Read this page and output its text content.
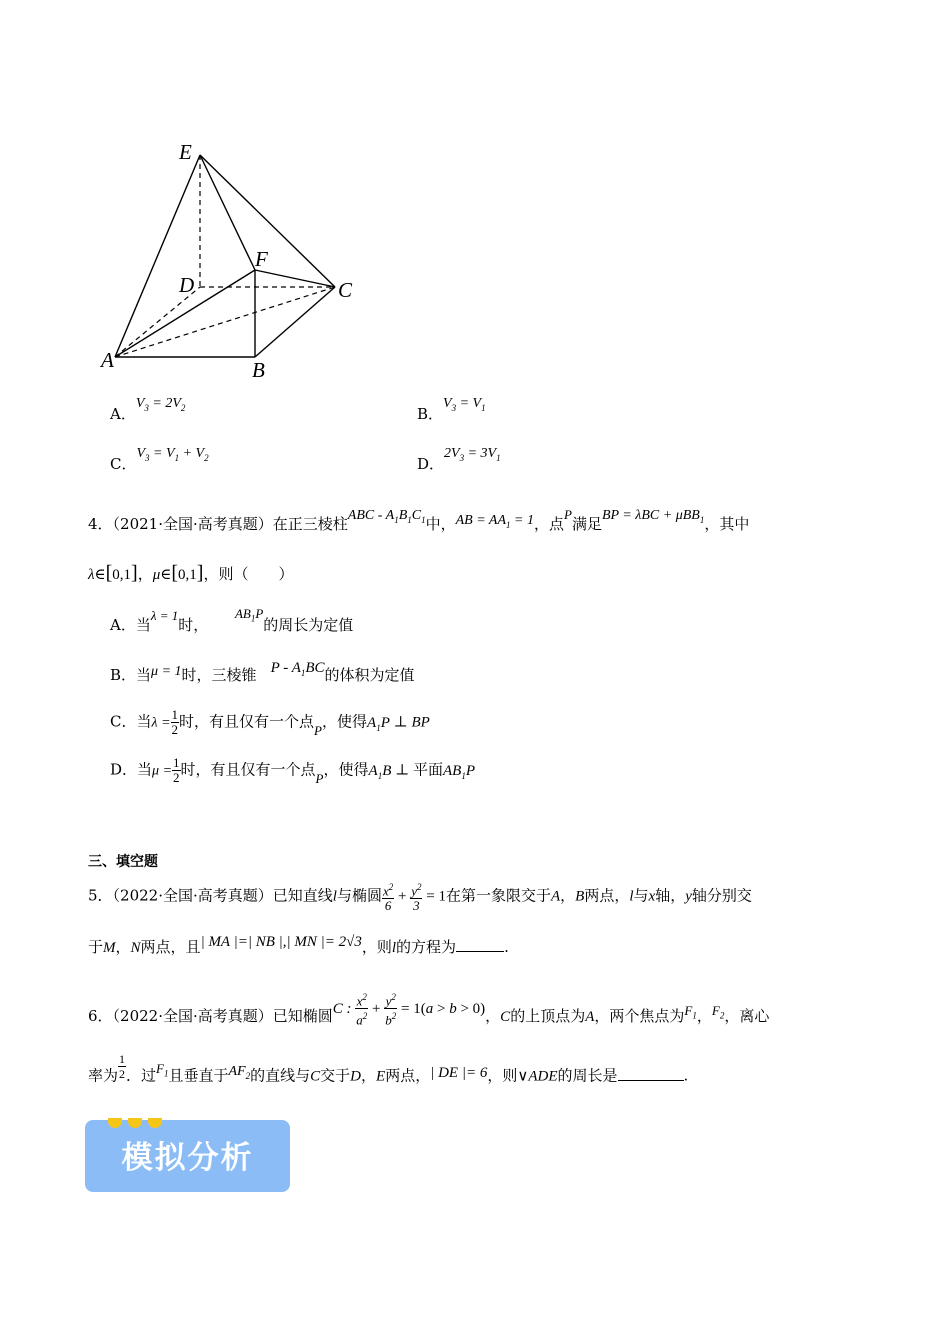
E
D
F
C
A	B
A．$V_3 = 2V_2$	B．$V_3 = V_1$
C．$V_3 = V_1 + V_2$	D．$2V_3 = 3V_1$
4．（2021·全国·高考真题）在正三棱柱ABC - $A_1B_1C_1$中，AB = $AA_1 = 1$，点P满足BP = λBC + μBB$_1$，其中
λ∈[0,1]，μ∈[0,1]，则（　　）
A．当λ = 1时，$AB_1P$的周长为定值
B．当μ = 1时，三棱锥 P - $A_1BC$的体积为定值
C．当$\lambda = \frac{1}{2}$ 时，有且仅有一个点P，使得$A_1P$ ⊥ BP
D．当$\mu = \frac{1}{2}$ 时，有且仅有一个点P，使得$A_1B$ ⊥ 平面$AB_1P$
三、填空题
5．（2022·全国·高考真题）已知直线l与椭圆 $\frac{x^2}{6} + \frac{y^2}{3} = 1$在第一象限交于A，B两点，l与x轴，y轴分别交
于M，N两点，且| MA |=| NB |,| MN |= 2√3，则l的方程为	.
6．（2022·全国·高考真题）已知椭圆C : $\frac{x^2}{a^2} + \frac{y^2}{b^2} = 1(a > b > 0)$，C的上顶点为A，两个焦点为$F_1$，$F_2$，离心
率为 $\frac{1}{2}$ ．过$F_1$且垂直于$AF_2$的直线与C交于D，E两点，| DE |= 6，则∨ADE的周长是	.
模拟分析
